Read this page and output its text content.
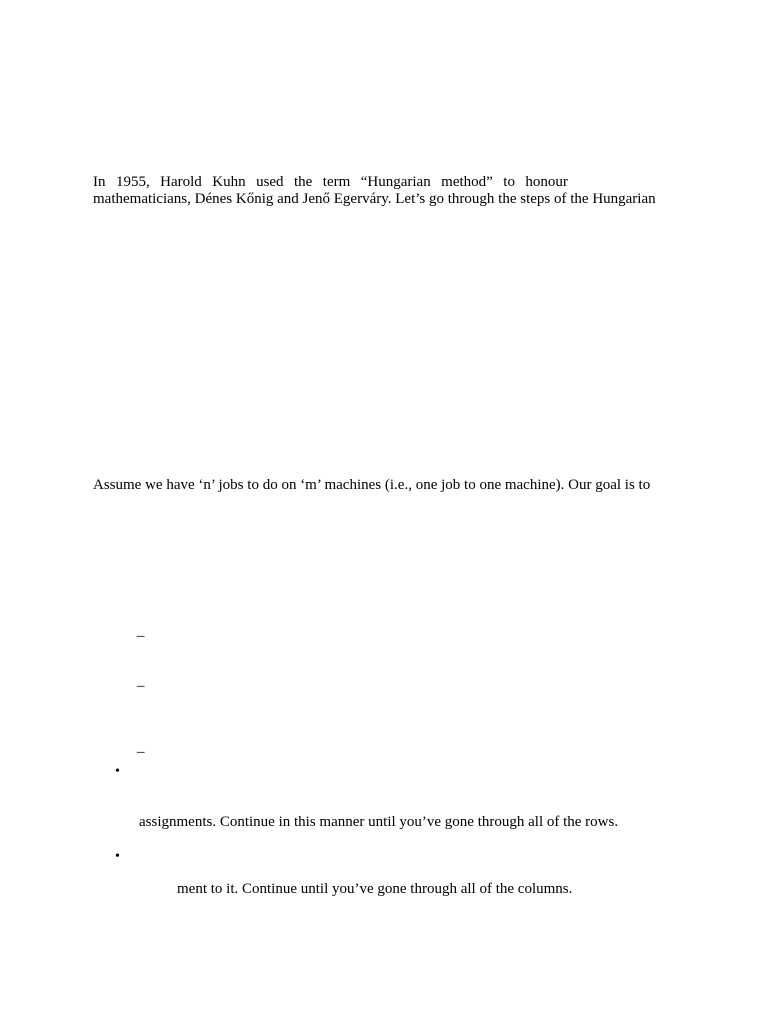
In 1955, Harold Kuhn used the term “Hungarian method” to honour
mathematicians, Dénes Kőnig and Jenő Egerváry. Let’s go through the steps of the Hungarian
Assume we have ‘n’ jobs to do on ‘m’ machines (i.e., one job to one machine). Our goal is to
–
–
–
•
assignments. Continue in this manner until you’ve gone through all of the rows.
•
ment to it. Continue until you’ve gone through all of the columns.
